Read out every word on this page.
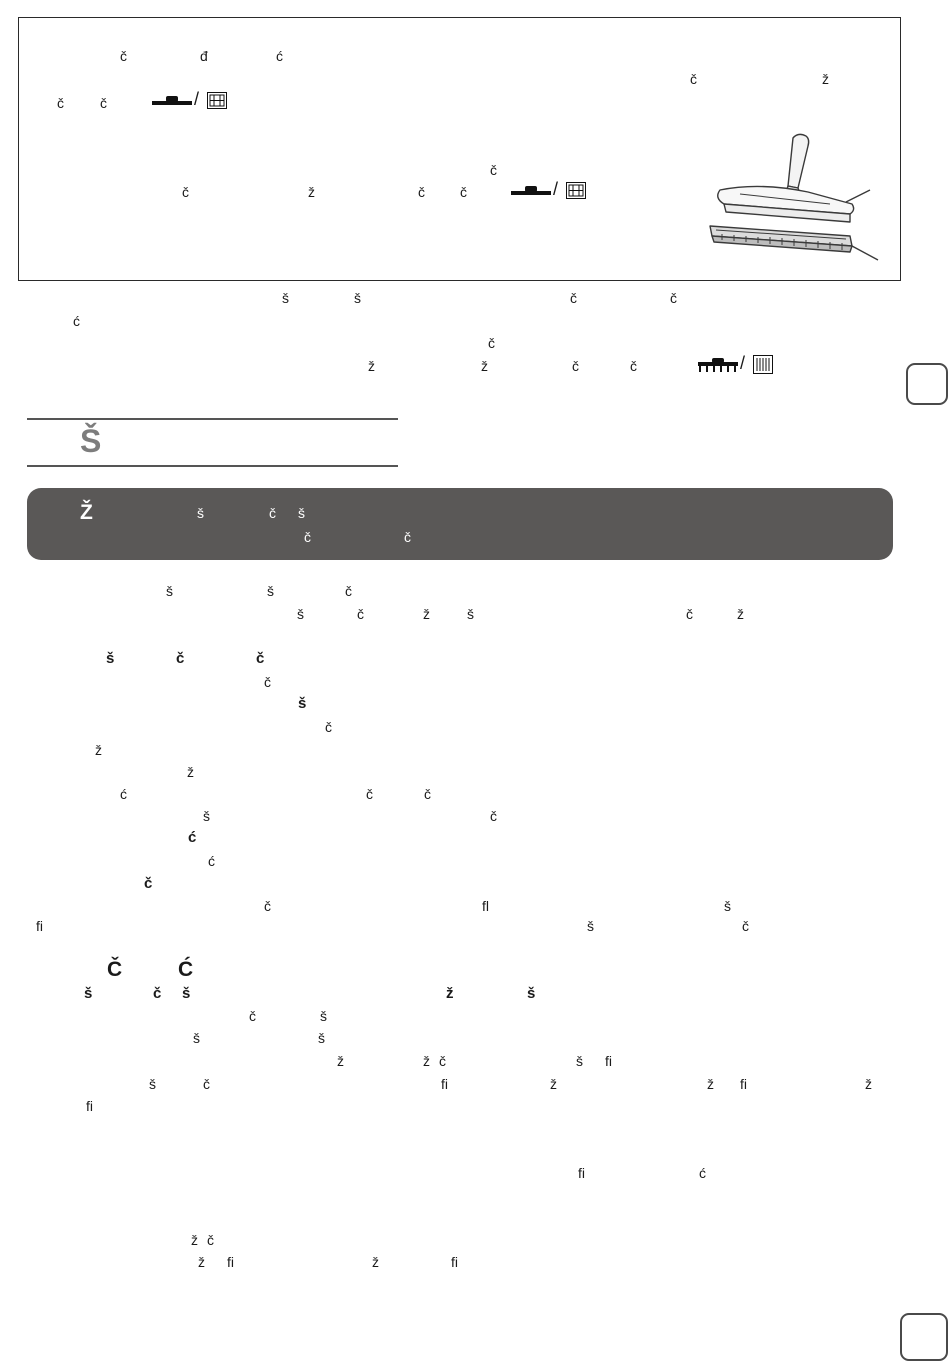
č	đ	ć
č	ž
č	č	/
č
č	ž	č	č	/
š	š	č	č
ć
č
ž	ž	č	č	/
Š
Ž	š	č š
č	č
š	š	č
š	č	ž	š	č	ž
š	č	č
č
š
č
ž
ž
ć	č	č
š	č
ć
ć
č
č	ﬂ	š
ﬁ	š	č
Č	Ć
š	č š	ž	š
č	š
š	š
ž	ž č	š ﬁ
š	č	ﬁ	ž	ž ﬁ	ž
ﬁ
ﬁ	ć
ž č
ž ﬁ	ž	ﬁ
